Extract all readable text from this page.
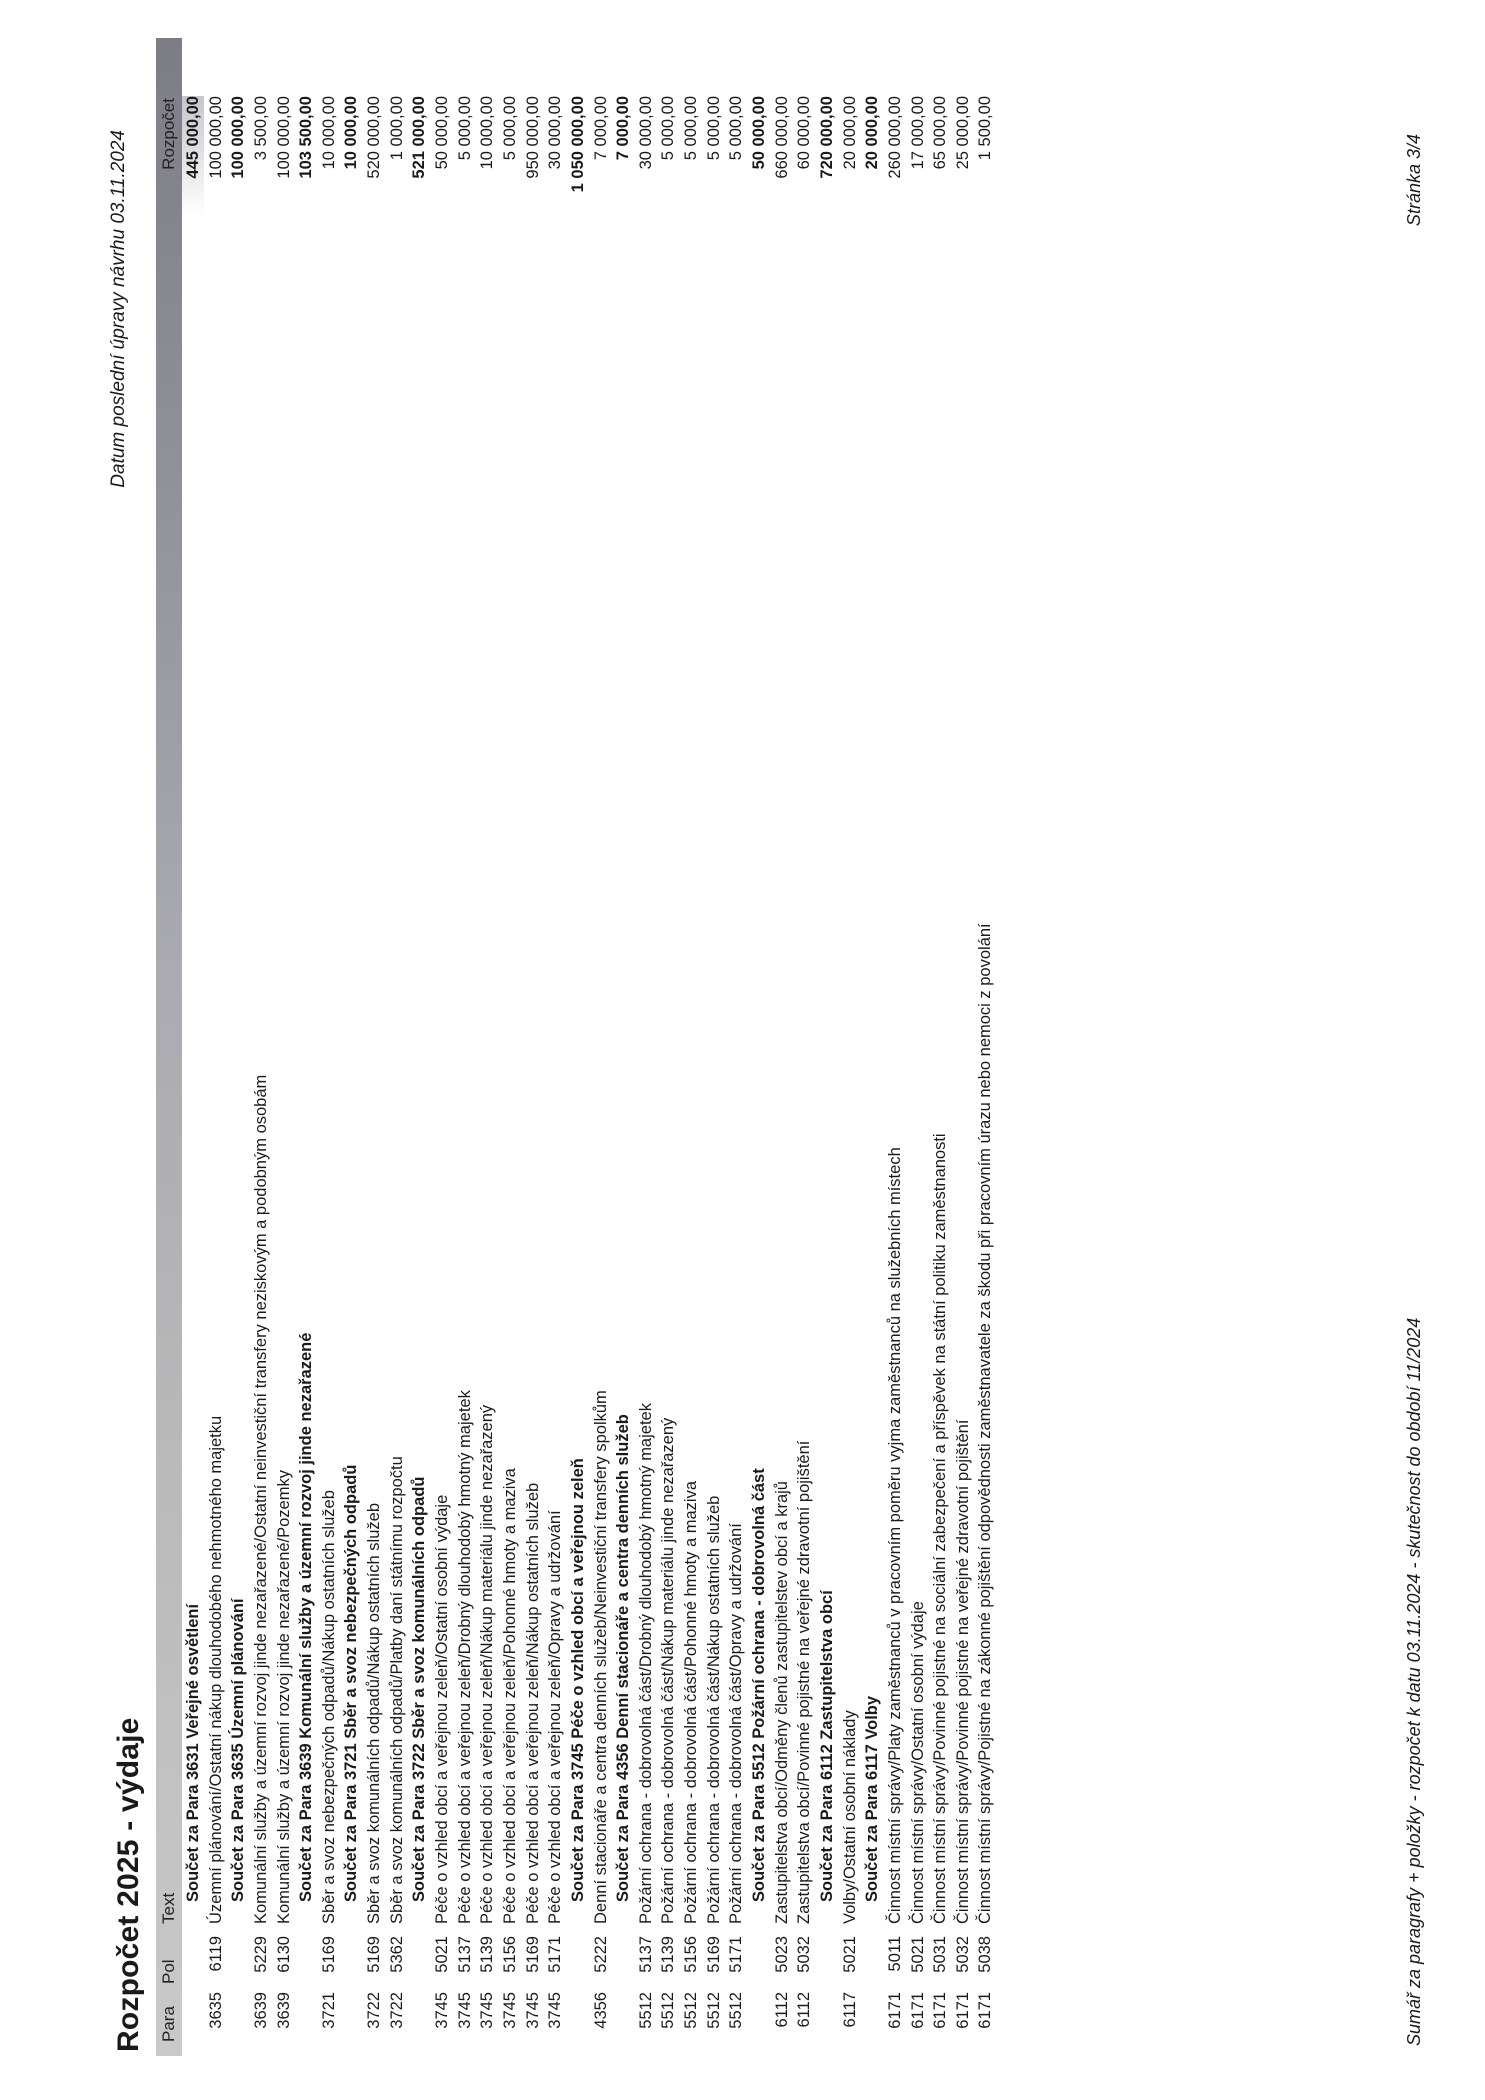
Rozpočet 2025 - výdaje
Datum poslední úpravy návrhu 03.11.2024
Para
Pol
Text
Rozpočet
Součet za Para 3631 Veřejné osvětlení
445 000,00
3635
6119
Územní plánování/Ostatní nákup dlouhodobého nehmotného majetku
100 000,00
Součet za Para 3635 Územní plánování
100 000,00
3639
5229
Komunální služby a územní rozvoj jinde nezařazené/Ostatní neinvestiční transfery neziskovým a podobným osobám
3 500,00
3639
6130
Komunální služby a územní rozvoj jinde nezařazené/Pozemky
100 000,00
Součet za Para 3639 Komunální služby a územní rozvoj jinde nezařazené
103 500,00
3721
5169
Sběr a svoz nebezpečných odpadů/Nákup ostatních služeb
10 000,00
Součet za Para 3721 Sběr a svoz nebezpečných odpadů
10 000,00
3722
5169
Sběr a svoz komunálních odpadů/Nákup ostatních služeb
520 000,00
3722
5362
Sběr a svoz komunálních odpadů/Platby daní státnímu rozpočtu
1 000,00
Součet za Para 3722 Sběr a svoz komunálních odpadů
521 000,00
3745
5021
Péče o vzhled obcí a veřejnou zeleň/Ostatní osobní výdaje
50 000,00
3745
5137
Péče o vzhled obcí a veřejnou zeleň/Drobný dlouhodobý hmotný majetek
5 000,00
3745
5139
Péče o vzhled obcí a veřejnou zeleň/Nákup materiálu jinde nezařazený
10 000,00
3745
5156
Péče o vzhled obcí a veřejnou zeleň/Pohonné hmoty a maziva
5 000,00
3745
5169
Péče o vzhled obcí a veřejnou zeleň/Nákup ostatních služeb
950 000,00
3745
5171
Péče o vzhled obcí a veřejnou zeleň/Opravy a udržování
30 000,00
Součet za Para 3745 Péče o vzhled obcí a veřejnou zeleň
1 050 000,00
4356
5222
Denní stacionáře a centra denních služeb/Neinvestiční transfery spolkům
7 000,00
Součet za Para 4356 Denní stacionáře a centra denních služeb
7 000,00
5512
5137
Požární ochrana - dobrovolná část/Drobný dlouhodobý hmotný majetek
30 000,00
5512
5139
Požární ochrana - dobrovolná část/Nákup materiálu jinde nezařazený
5 000,00
5512
5156
Požární ochrana - dobrovolná část/Pohonné hmoty a maziva
5 000,00
5512
5169
Požární ochrana - dobrovolná část/Nákup ostatních služeb
5 000,00
5512
5171
Požární ochrana - dobrovolná část/Opravy a udržování
5 000,00
Součet za Para 5512 Požární ochrana - dobrovolná část
50 000,00
6112
5023
Zastupitelstva obcí/Odměny členů zastupitelstev obcí a krajů
660 000,00
6112
5032
Zastupitelstva obcí/Povinné pojistné na veřejné zdravotní pojištění
60 000,00
Součet za Para 6112 Zastupitelstva obcí
720 000,00
6117
5021
Volby/Ostatní osobní náklady
20 000,00
Součet za Para 6117 Volby
20 000,00
6171
5011
Činnost místní správy/Platy zaměstnanců v pracovním poměru vyjma zaměstnanců na služebních místech
260 000,00
6171
5021
Činnost místní správy/Ostatní osobní výdaje
17 000,00
6171
5031
Činnost místní správy/Povinné pojistné na sociální zabezpečení a příspěvek na státní politiku zaměstnanosti
65 000,00
6171
5032
Činnost místní správy/Povinné pojistné na veřejné zdravotní pojištění
25 000,00
6171
5038
Činnost místní správy/Pojistné na zákonné pojištění odpovědnosti zaměstnavatele za škodu při pracovním úrazu nebo nemoci z povolání
1 500,00
Sumář za paragrafy + položky - rozpočet k datu 03.11.2024 - skutečnost do období 11/2024
Stránka 3/4
